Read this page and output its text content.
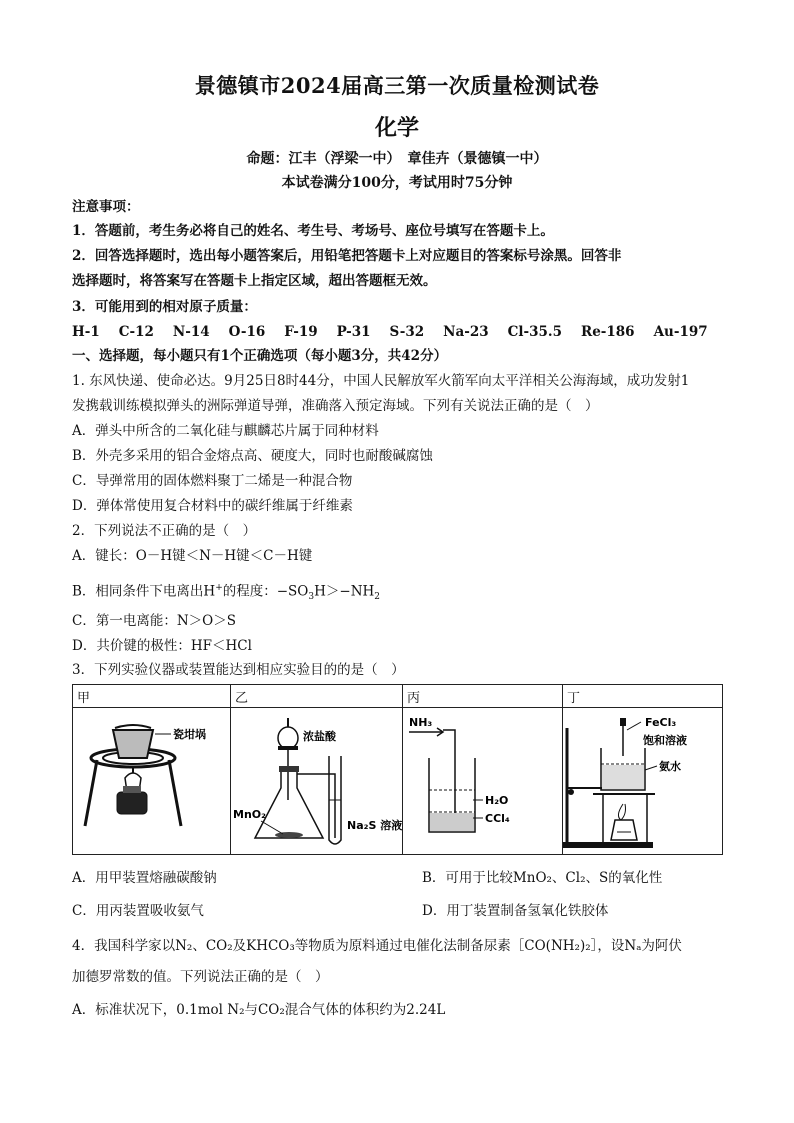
景德镇市2024届高三第一次质量检测试卷
化学
命题：江丰（浮梁一中）　章佳卉（景德镇一中）
本试卷满分100分，考试用时75分钟
注意事项：
1．答题前，考生务必将自己的姓名、考生号、考场号、座位号填写在答题卡上。
2．回答选择题时，选出每小题答案后，用铅笔把答题卡上对应题目的答案标号涂黑。回答非
选择题时，将答案写在答题卡上指定区域，超出答题框无效。
3．可能用到的相对原子质量：
H-1 C-12 N-14 O-16 F-19 P-31 S-32 Na-23 Cl-35.5 Re-186 Au-197
一、选择题，每小题只有1个正确选项（每小题3分，共42分）
1. 东风快递、使命必达。9月25日8时44分，中国人民解放军火箭军向太平洋相关公海海域，成功发射1
发携载训练模拟弹头的洲际弹道导弹，准确落入预定海域。下列有关说法正确的是（　）
A．弹头中所含的二氧化硅与麒麟芯片属于同种材料
B．外壳多采用的铝合金熔点高、硬度大，同时也耐酸碱腐蚀
C．导弹常用的固体燃料聚丁二烯是一种混合物
D．弹体常使用复合材料中的碳纤维属于纤维素
2．下列说法不正确的是（　）
A．键长：O－H键＜N－H键＜C－H键
B．相同条件下电离出H+的程度：$-SO_3H>-NH_2$
C．第一电离能：N＞O＞S
D．共价键的极性：HF＜HCl
3．下列实验仪器或装置能达到相应实验目的的是（　）
甲	乙	丙	丁

瓷坩埚	浓盐酸
MnO₂
Na₂S 溶液	NH₃
H₂O
CCl₄	FeCl₃
饱和溶液
氨水
A．用甲装置熔融碳酸钠	B．可用于比较MnO₂、Cl₂、S的氧化性
C．用丙装置吸收氨气	D．用丁装置制备氢氧化铁胶体
4．我国科学家以N₂、CO₂及KHCO₃等物质为原料通过电催化法制备尿素［CO(NH₂)₂］，设Nₐ为阿伏
加德罗常数的值。下列说法正确的是（　）
A．标准状况下，0.1mol N₂与CO₂混合气体的体积约为2.24L
